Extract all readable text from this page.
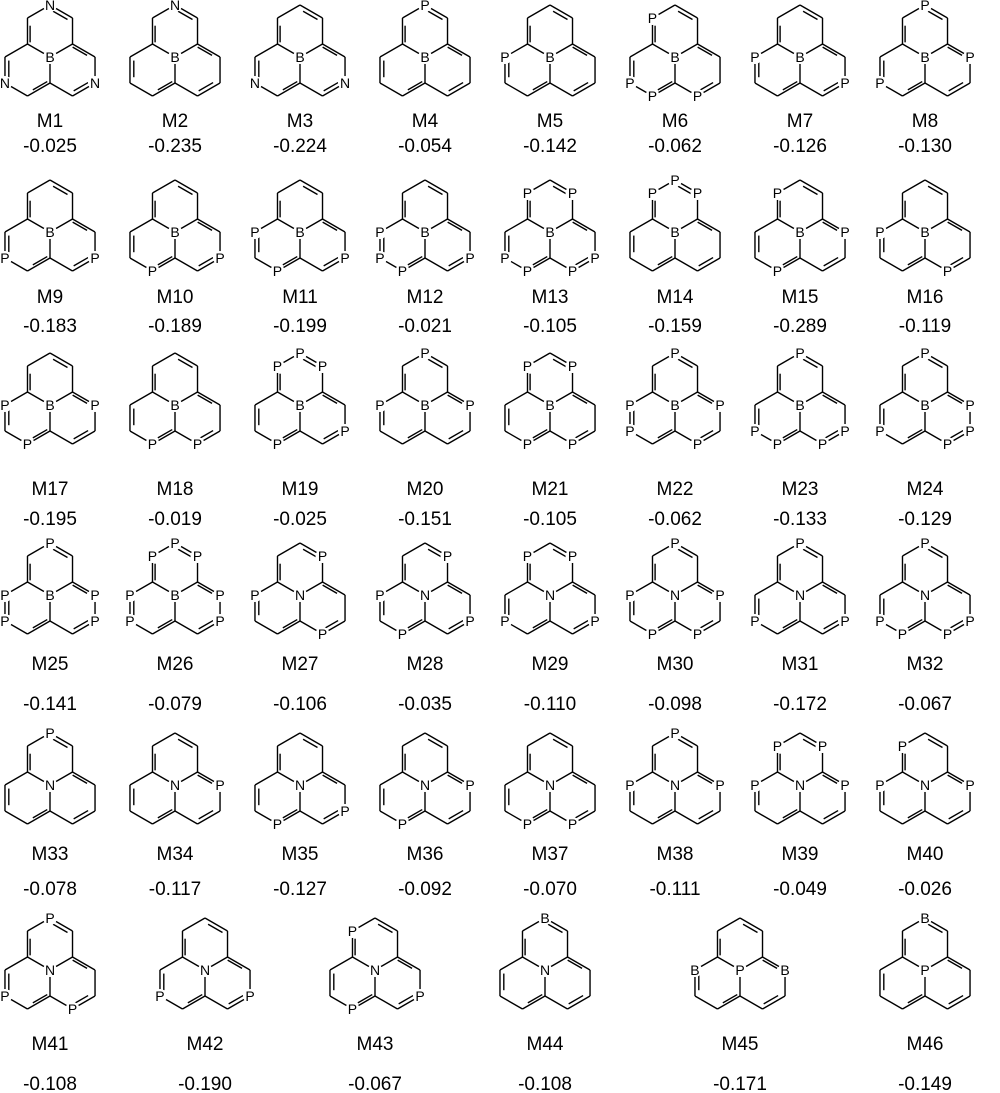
B
N
N
N
M1
-0.025
B
N
M2
-0.235
B
N
N
M3
-0.224
B
P
M4
-0.054
B
P
M5
-0.142
B
P
P
P
P
M6
-0.062
B
P
P
M7
-0.126
B
P
P
P
M8
-0.130
B
P
P
M9
-0.183
B
P
P
M10
-0.189
B
P
P
P
M11
-0.199
B
P
P
P
P
M12
-0.021
B
P
P
P
P
P
P
M13
-0.105
B
P
P
P
M14
-0.159
B	P
P
P
M15
-0.289
B
P
P
M16
-0.119
B	P
P
P
M17
-0.195
B
P
P
M18
-0.019
B
P
P
P
P
P
M19
-0.025
B
P
P
P
M20
-0.151
B
P
P
P
P
M21
-0.105
B
P
P
P
P
P
M22
-0.062
B
P
P
P
P
P
M23
-0.133
B
P
P
P
P
P
M24
-0.129
B
P
P
P
P
P
M25
-0.141
B
P
P
P
P
P
P
P
M26
-0.079
N
P
P
P
M27
-0.106
N
P
P
P
P
M28
-0.035
N
P
P
P
P
M29
-0.110
N
P
P
P
P
P
M30
-0.098
N
P
P
P
M31
-0.172
N
P
P
P
P
P
M32
-0.067
N
P
M33
-0.078
N	P
M34
-0.117
N
P
P
M35
-0.127
N	P
P
M36
-0.092
N
P
P
M37
-0.070
N
P
P
P
M38
-0.111
N
P
P
P
P
M39
-0.049
N	P
P
P
M40
-0.026
N
P
P
P
M41
-0.108
N
P
P
M42
-0.190
N
P
P
P
M43
-0.067
N
B
M44
-0.108
P	B
B
M45
-0.171
P
B
M46
-0.149
